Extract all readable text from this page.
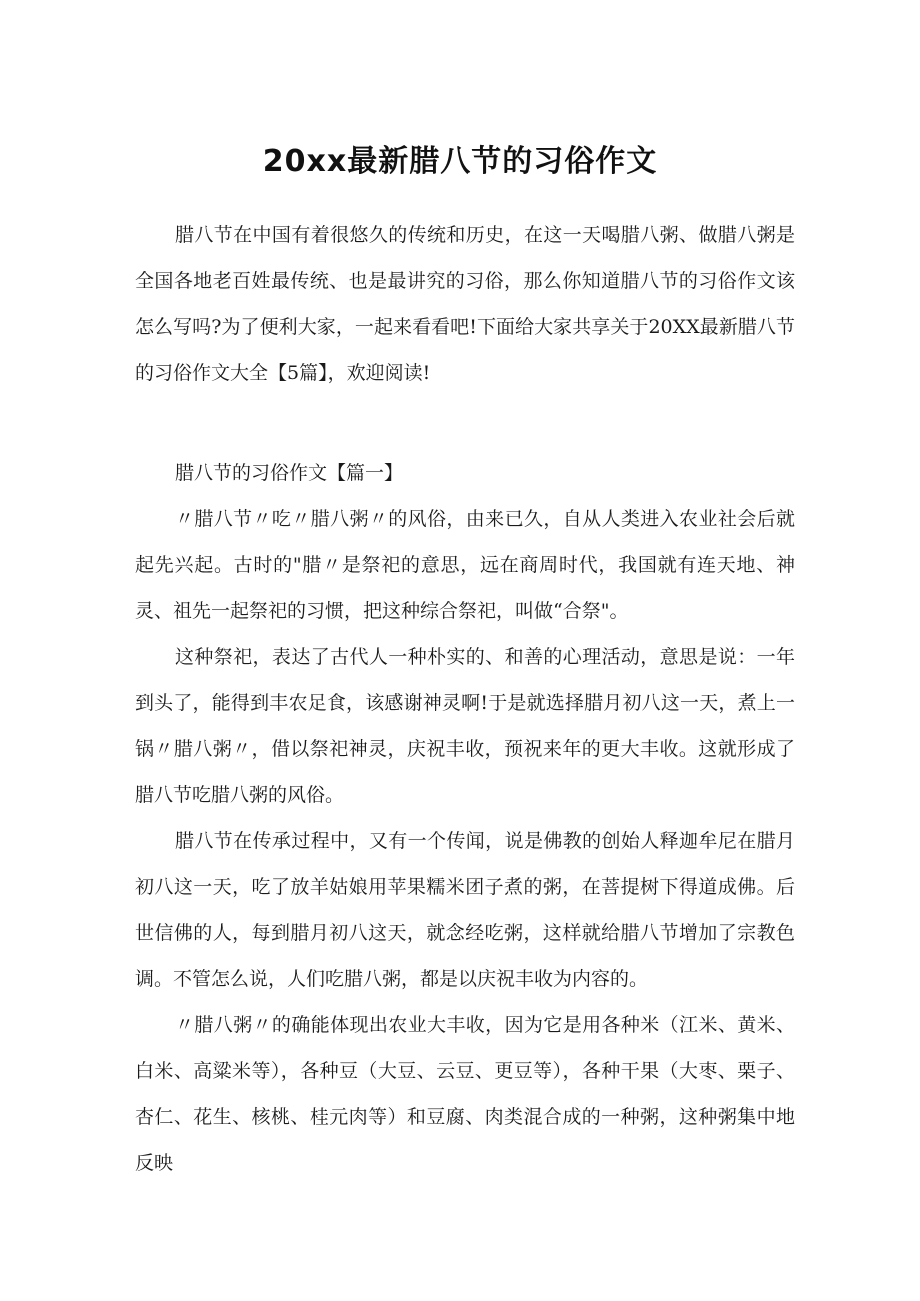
20xx最新腊八节的习俗作文

腊八节在中国有着很悠久的传统和历史，在这一天喝腊八粥、做腊八粥是全国各地老百姓最传统、也是最讲究的习俗，那么你知道腊八节的习俗作文该怎么写吗?为了便利大家，一起来看看吧!下面给大家共享关于20XX最新腊八节的习俗作文大全【5篇】，欢迎阅读!

腊八节的习俗作文【篇一】

〃腊八节〃吃〃腊八粥〃的风俗，由来已久，自从人类进入农业社会后就起先兴起。古时的"腊〃是祭祀的意思，远在商周时代，我国就有连天地、神灵、祖先一起祭祀的习惯，把这种综合祭祀，叫做“合祭"。

这种祭祀，表达了古代人一种朴实的、和善的心理活动，意思是说：一年到头了，能得到丰农足食，该感谢神灵啊!于是就选择腊月初八这一天，煮上一锅〃腊八粥〃，借以祭祀神灵，庆祝丰收，预祝来年的更大丰收。这就形成了腊八节吃腊八粥的风俗。

腊八节在传承过程中，又有一个传闻，说是佛教的创始人释迦牟尼在腊月初八这一天，吃了放羊姑娘用苹果糯米团子煮的粥，在菩提树下得道成佛。后世信佛的人，每到腊月初八这天，就念经吃粥，这样就给腊八节增加了宗教色调。不管怎么说，人们吃腊八粥，都是以庆祝丰收为内容的。

〃腊八粥〃的确能体现出农业大丰收，因为它是用各种米（江米、黄米、白米、高粱米等），各种豆（大豆、云豆、更豆等），各种干果（大枣、栗子、杏仁、花生、核桃、桂元肉等）和豆腐、肉类混合成的一种粥，这种粥集中地反映
